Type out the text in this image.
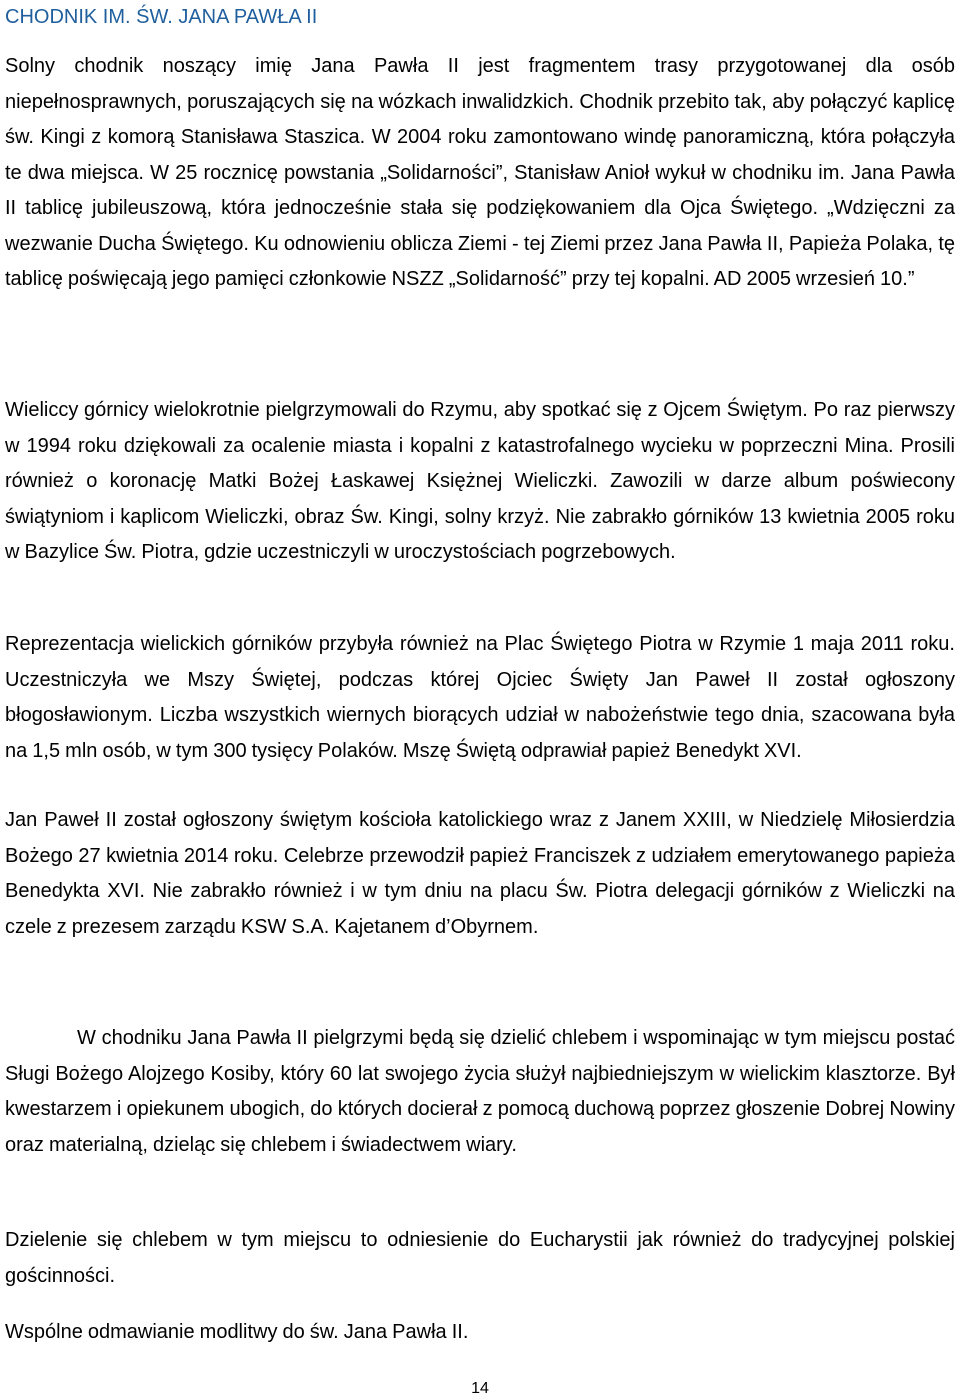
CHODNIK IM. ŚW. JANA PAWŁA II

Solny chodnik noszący imię Jana Pawła II jest fragmentem trasy przygotowanej dla osób niepełnosprawnych, poruszających się na wózkach inwalidzkich. Chodnik przebito tak, aby połączyć kaplicę św. Kingi z komorą Stanisława Staszica. W 2004 roku zamontowano windę panoramiczną, która połączyła te dwa miejsca. W 25 rocznicę powstania „Solidarności”, Stanisław Anioł wykuł w chodniku im. Jana Pawła II tablicę jubileuszową, która jednocześnie stała się podziękowaniem dla Ojca Świętego. „Wdzięczni za wezwanie Ducha Świętego. Ku odnowieniu oblicza Ziemi - tej Ziemi przez Jana Pawła II, Papieża Polaka, tę tablicę poświęcają jego pamięci członkowie NSZZ „Solidarność” przy tej kopalni. AD 2005 wrzesień 10.”

Wieliccy górnicy wielokrotnie pielgrzymowali do Rzymu, aby spotkać się z Ojcem Świętym. Po raz pierwszy w 1994 roku dziękowali za ocalenie miasta i kopalni z katastrofalnego wycieku w poprzeczni Mina. Prosili również o koronację Matki Bożej Łaskawej Księżnej Wieliczki. Zawozili w darze album poświecony świątyniom i kaplicom Wieliczki, obraz Św. Kingi, solny krzyż. Nie zabrakło górników 13 kwietnia 2005 roku w Bazylice Św. Piotra, gdzie uczestniczyli w uroczystościach pogrzebowych.

Reprezentacja wielickich górników przybyła również na Plac Świętego Piotra w Rzymie 1 maja 2011 roku. Uczestniczyła we Mszy Świętej, podczas której Ojciec Święty Jan Paweł II został ogłoszony błogosławionym. Liczba wszystkich wiernych biorących udział w nabożeństwie tego dnia, szacowana była na 1,5 mln osób, w tym 300 tysięcy Polaków. Mszę Świętą odprawiał papież Benedykt XVI.

Jan Paweł II został ogłoszony świętym kościoła katolickiego wraz z Janem XXIII, w Niedzielę Miłosierdzia Bożego 27 kwietnia 2014 roku. Celebrze przewodził papież Franciszek z udziałem emerytowanego papieża Benedykta XVI. Nie zabrakło również i w tym dniu na placu Św. Piotra delegacji górników z Wieliczki na czele z prezesem zarządu KSW S.A. Kajetanem d’Obyrnem.

W chodniku Jana Pawła II pielgrzymi będą się dzielić chlebem i wspominając w tym miejscu postać Sługi Bożego Alojzego Kosiby, który 60 lat swojego życia służył najbiedniejszym w wielickim klasztorze. Był kwestarzem i opiekunem ubogich, do których docierał z pomocą duchową poprzez głoszenie Dobrej Nowiny oraz materialną, dzieląc się chlebem i świadectwem wiary.

Dzielenie się chlebem w tym miejscu to odniesienie do Eucharystii jak również do tradycyjnej polskiej gościnności.

Wspólne odmawianie modlitwy do św. Jana Pawła II.

14
